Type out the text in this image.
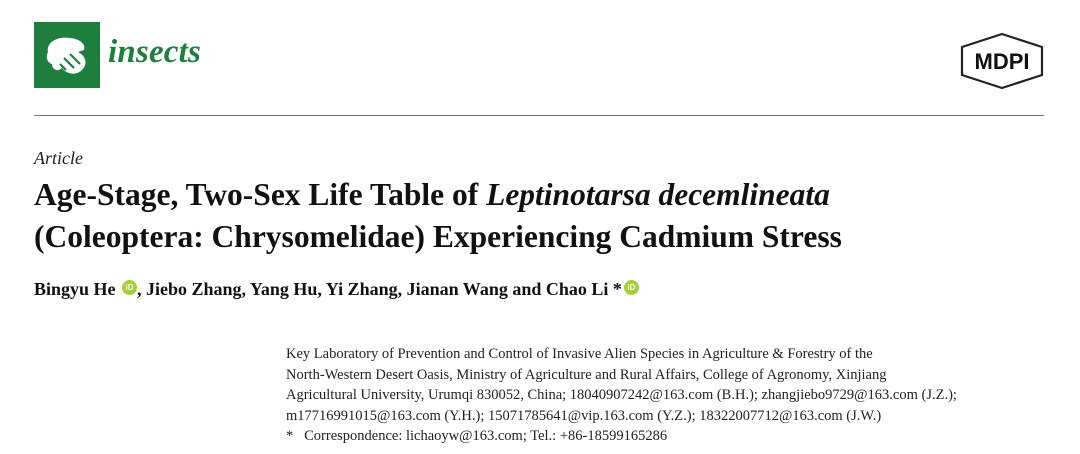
insects	MDPI
Article
Age-Stage, Two-Sex Life Table of Leptinotarsa decemlineata
(Coleoptera: Chrysomelidae) Experiencing Cadmium Stress
Bingyu He iD , Jiebo Zhang, Yang Hu, Yi Zhang, Jianan Wang and Chao Li * iD

Key Laboratory of Prevention and Control of Invasive Alien Species in Agriculture & Forestry of the

North-Western Desert Oasis, Ministry of Agriculture and Rural Affairs, College of Agronomy, Xinjiang

Agricultural University, Urumqi 830052, China; 18040907242@163.com (B.H.); zhangjiebo9729@163.com (J.Z.);

m17716991015@163.com (Y.H.); 15071785641@vip.163.com (Y.Z.); 18322007712@163.com (J.W.)

*   Correspondence: lichaoyw@163.com; Tel.: +86-18599165286
